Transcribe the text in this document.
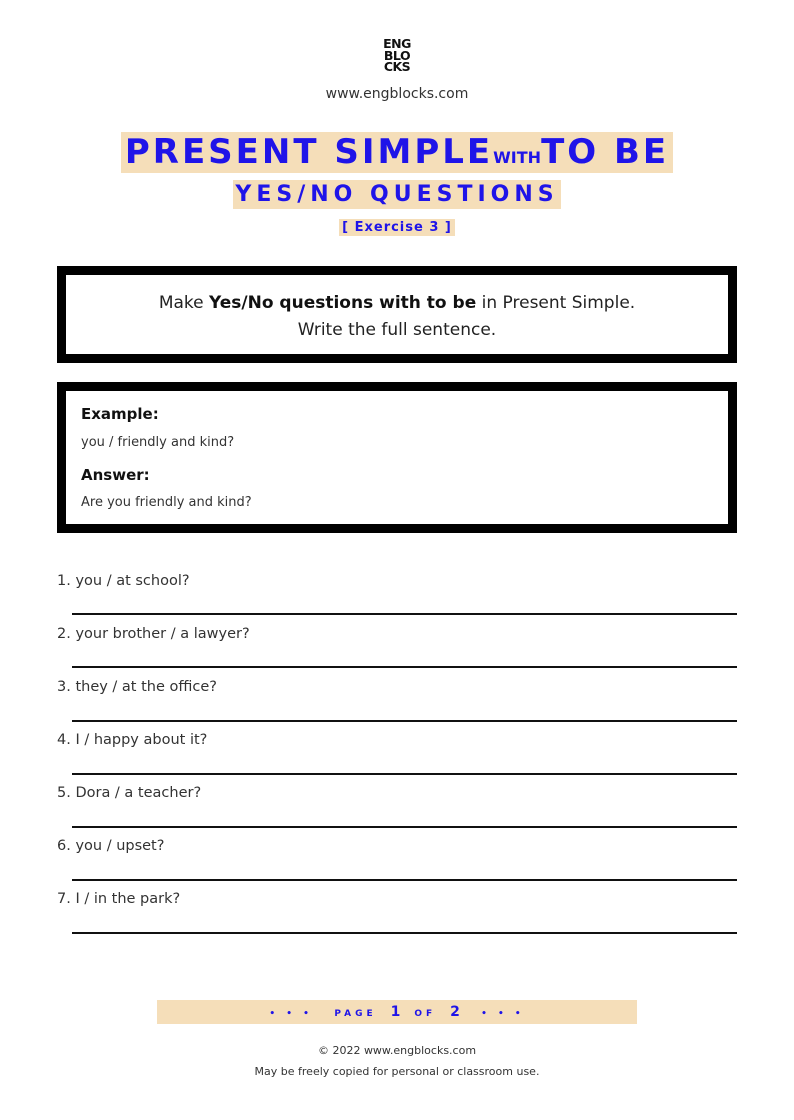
ENG
BLO
CKS
www.engblocks.com
PRESENT SIMPLEWITHTO BE
YES/NO QUESTIONS
[ Exercise 3 ]
Make Yes/No questions with to be in Present Simple.
Write the full sentence.
Example:
you / friendly and kind?
Answer:
Are you friendly and kind?
1. you / at school?
2. your brother / a lawyer?
3. they / at the office?
4. I / happy about it?
5. Dora / a teacher?
6. you / upset?
7. I / in the park?
• • • PAGE 1 OF 2 • • •
© 2022 www.engblocks.com
May be freely copied for personal or classroom use.
